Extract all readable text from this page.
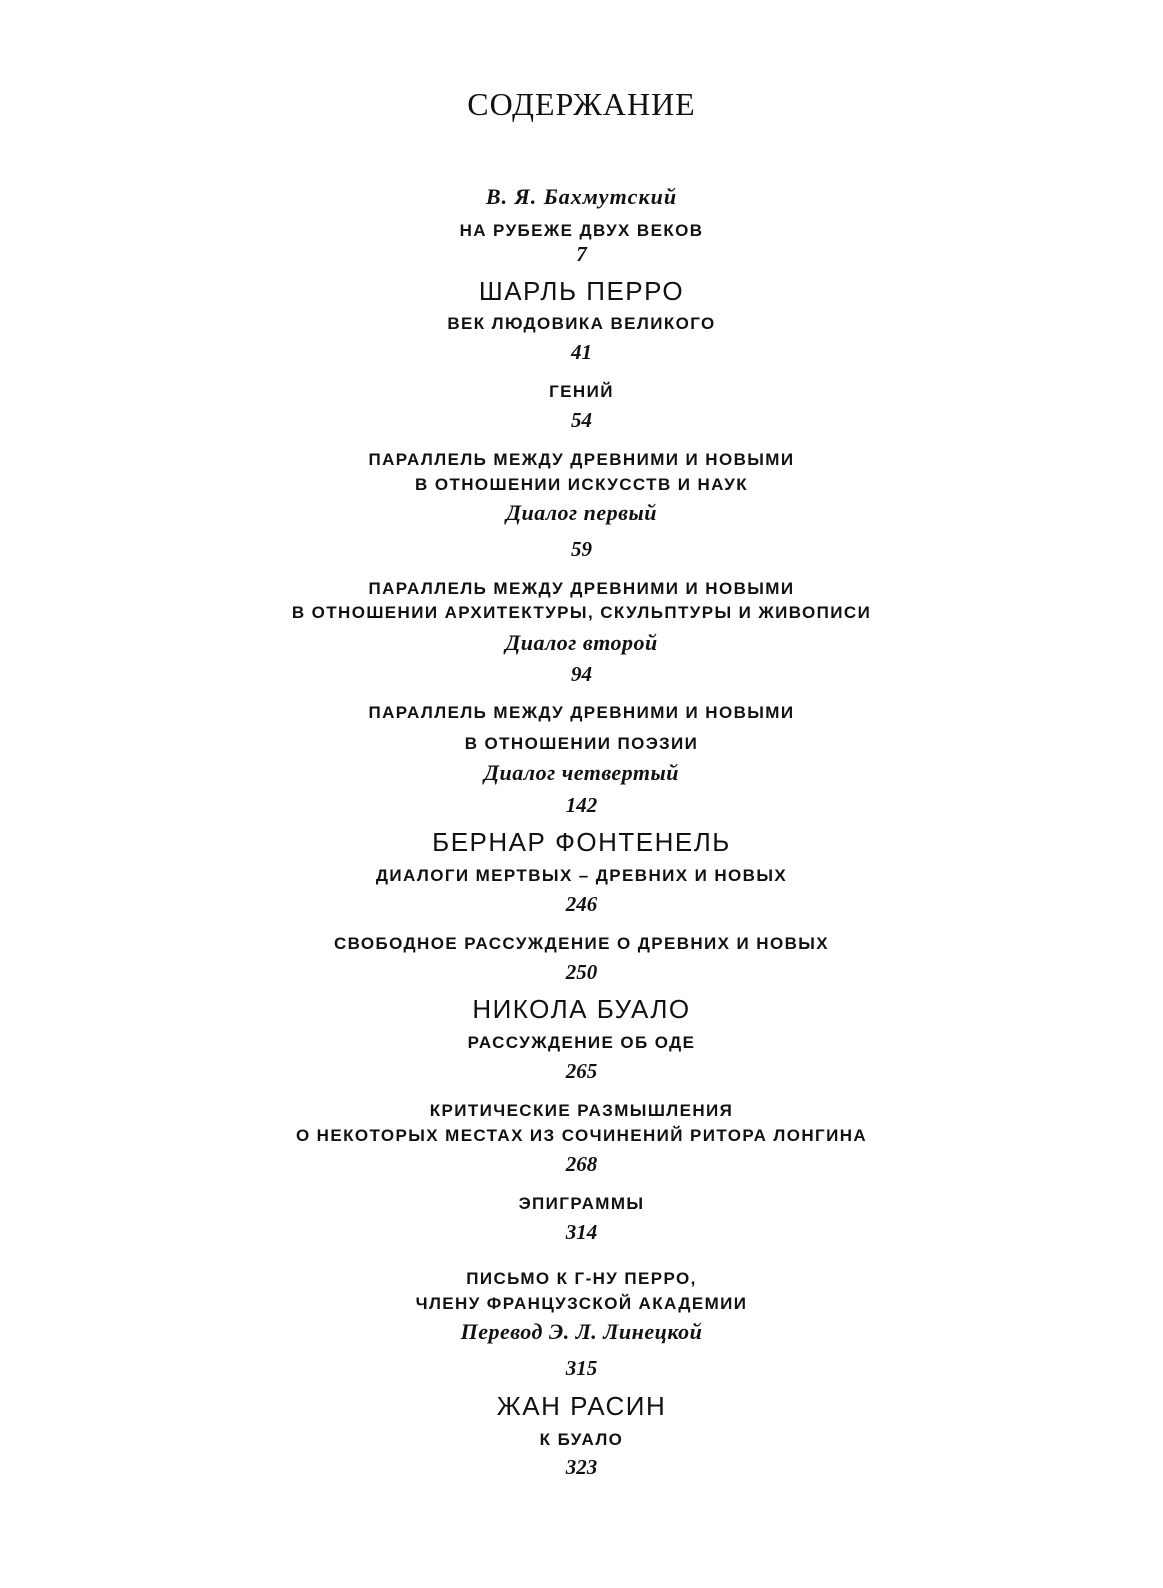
СОДЕРЖАНИЕ
В. Я. Бахмутский
НА РУБЕЖЕ ДВУХ ВЕКОВ
7
ШАРЛЬ ПЕРРО
ВЕК ЛЮДОВИКА ВЕЛИКОГО
41
ГЕНИЙ
54
ПАРАЛЛЕЛЬ МЕЖДУ ДРЕВНИМИ И НОВЫМИ
В ОТНОШЕНИИ ИСКУССТВ И НАУК
Диалог первый
59
ПАРАЛЛЕЛЬ МЕЖДУ ДРЕВНИМИ И НОВЫМИ
В ОТНОШЕНИИ АРХИТЕКТУРЫ, СКУЛЬПТУРЫ И ЖИВОПИСИ
Диалог второй
94
ПАРАЛЛЕЛЬ МЕЖДУ ДРЕВНИМИ И НОВЫМИ
В ОТНОШЕНИИ ПОЭЗИИ
Диалог четвертый
142
БЕРНАР ФОНТЕНЕЛЬ
ДИАЛОГИ МЕРТВЫХ – ДРЕВНИХ И НОВЫХ
246
СВОБОДНОЕ РАССУЖДЕНИЕ О ДРЕВНИХ И НОВЫХ
250
НИКОЛА БУАЛО
РАССУЖДЕНИЕ ОБ ОДЕ
265
КРИТИЧЕСКИЕ РАЗМЫШЛЕНИЯ
О НЕКОТОРЫХ МЕСТАХ ИЗ СОЧИНЕНИЙ РИТОРА ЛОНГИНА
268
ЭПИГРАММЫ
314
ПИСЬМО К Г-НУ ПЕРРО,
ЧЛЕНУ ФРАНЦУЗСКОЙ АКАДЕМИИ
Перевод Э. Л. Линецкой
315
ЖАН РАСИН
К БУАЛО
323
